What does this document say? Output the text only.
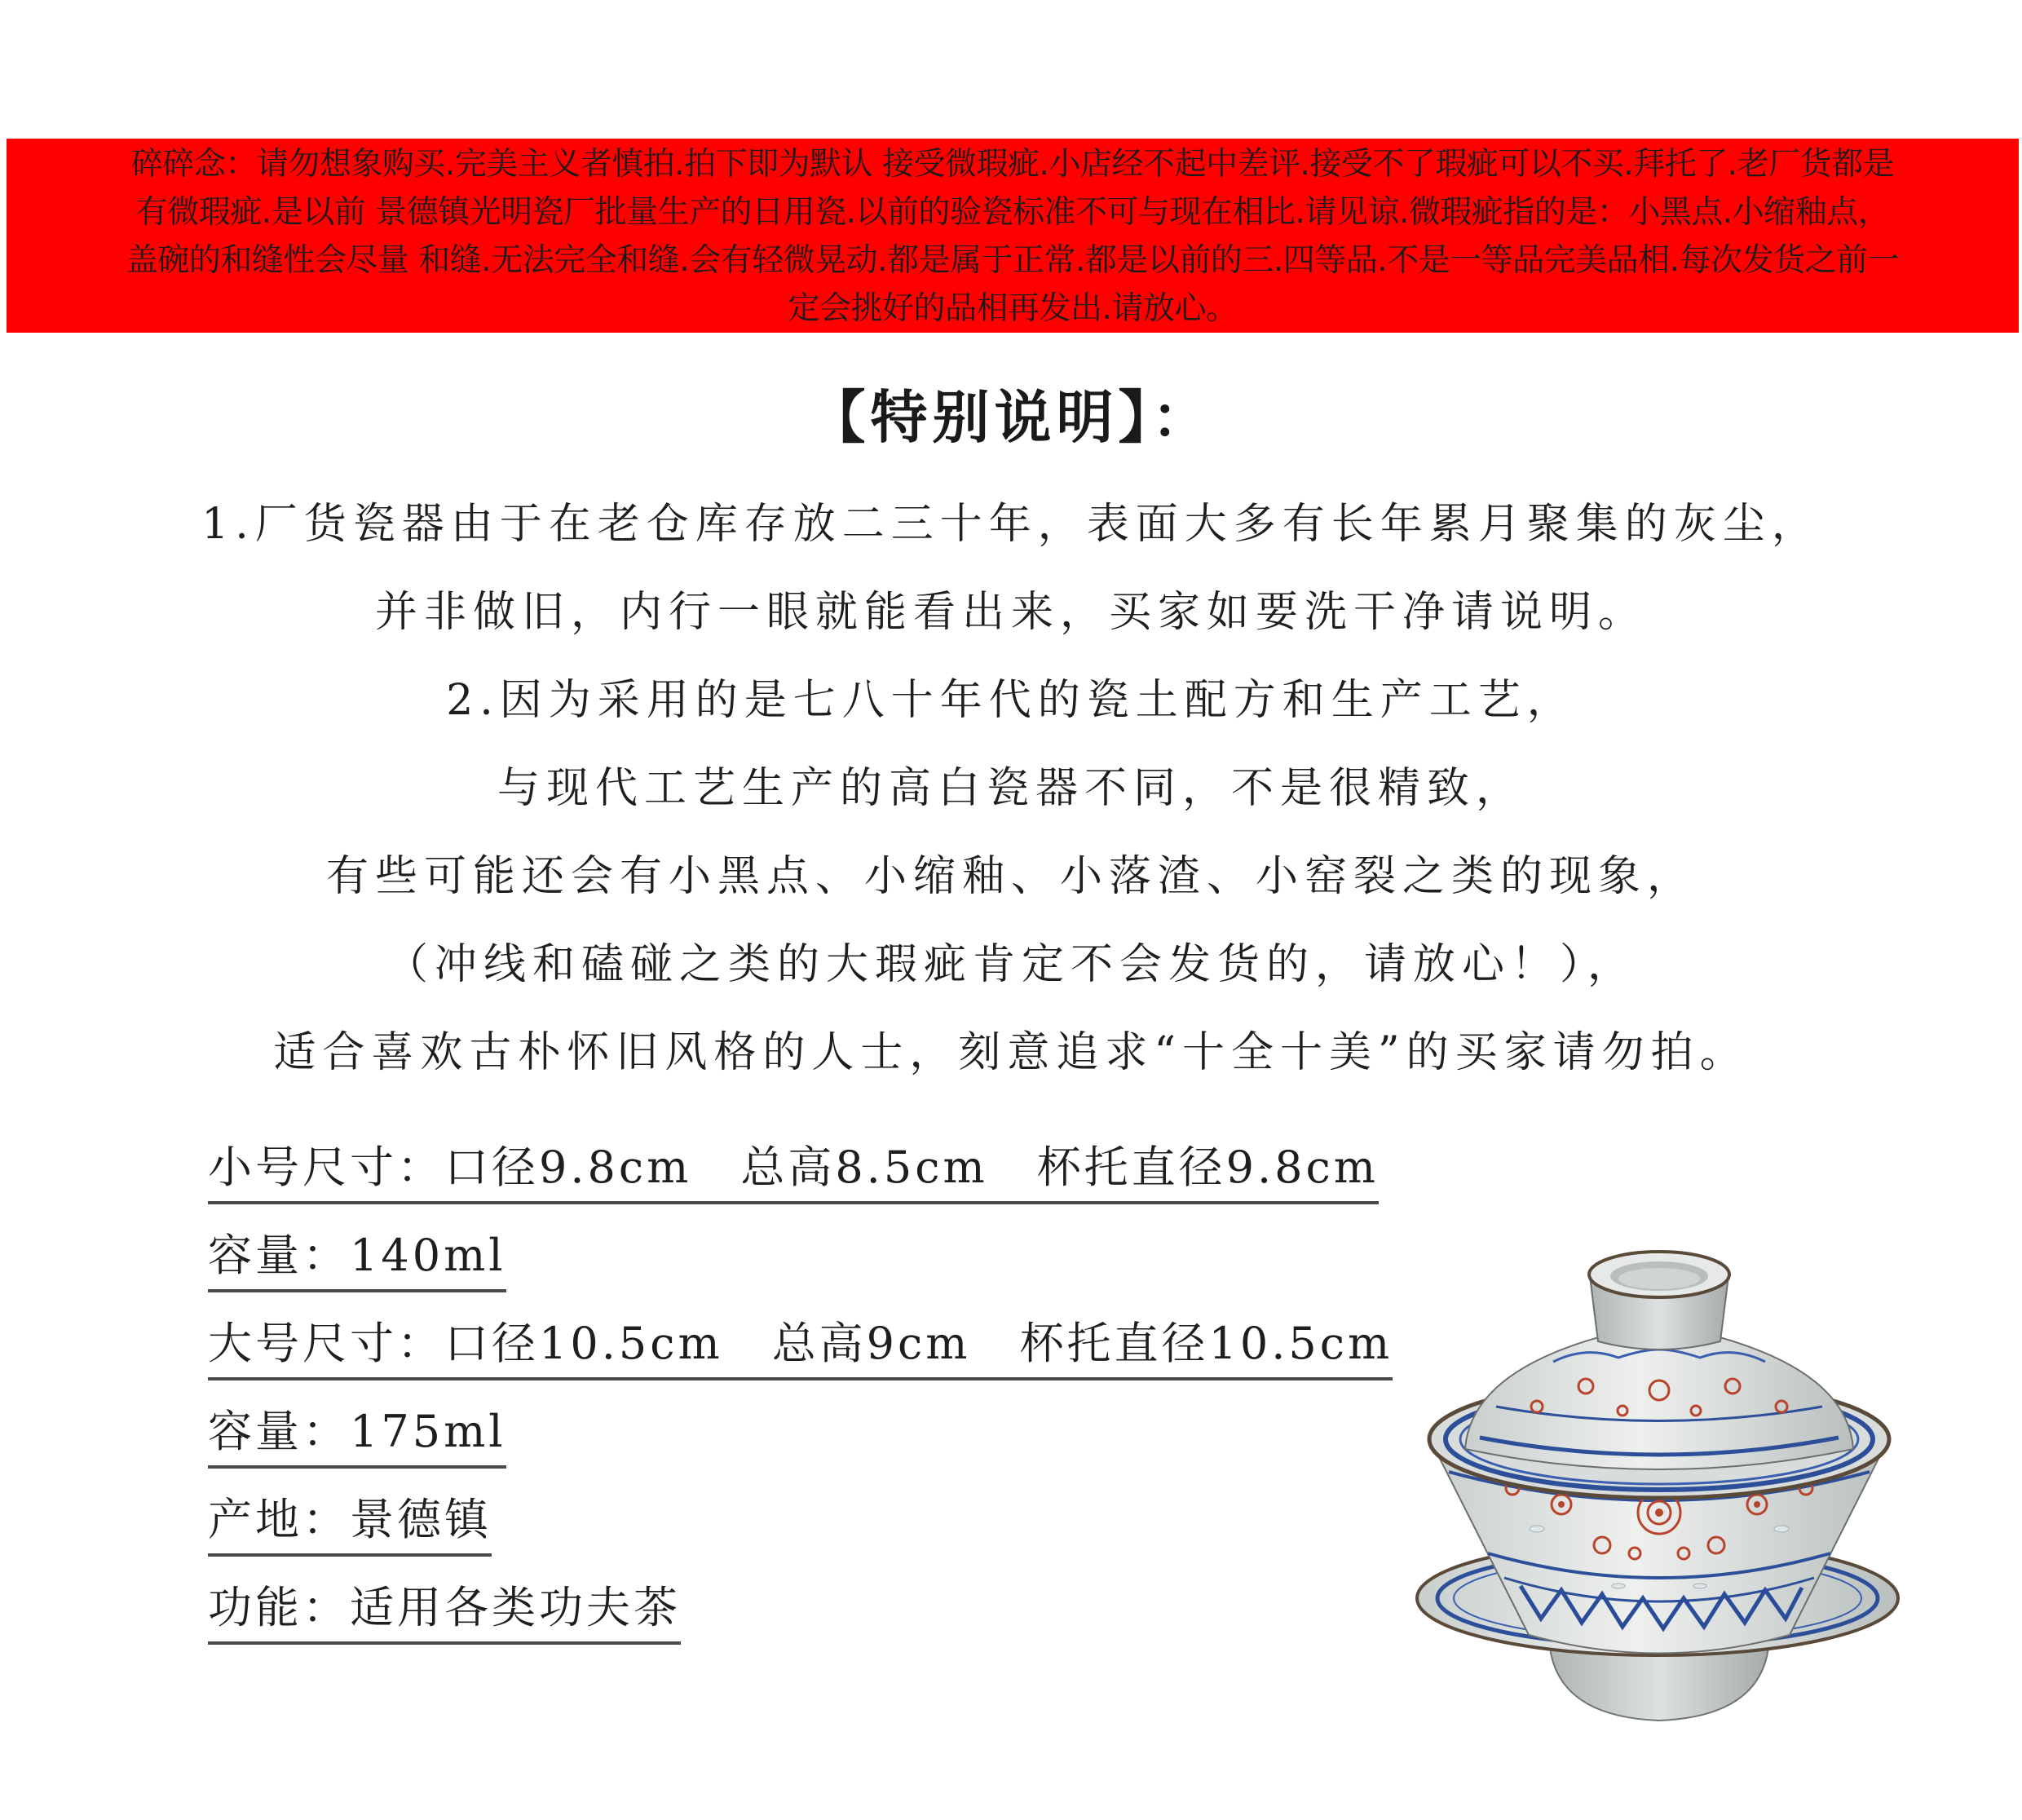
碎碎念：请勿想象购买.完美主义者慎拍.拍下即为默认 接受微瑕疵.小店经不起中差评.接受不了瑕疵可以不买.拜托了.老厂货都是
有微瑕疵.是以前 景德镇光明瓷厂批量生产的日用瓷.以前的验瓷标准不可与现在相比.请见谅.微瑕疵指的是：小黑点.小缩釉点，
盖碗的和缝性会尽量 和缝.无法完全和缝.会有轻微晃动.都是属于正常.都是以前的三.四等品.不是一等品完美品相.每次发货之前一
定会挑好的品相再发出.请放心。
【特别说明】：
1.厂货瓷器由于在老仓库存放二三十年，表面大多有长年累月聚集的灰尘，
并非做旧，内行一眼就能看出来，买家如要洗干净请说明。
2.因为采用的是七八十年代的瓷土配方和生产工艺，
与现代工艺生产的高白瓷器不同，不是很精致，
有些可能还会有小黑点、小缩釉、小落渣、小窑裂之类的现象，
（冲线和磕碰之类的大瑕疵肯定不会发货的，请放心！），
适合喜欢古朴怀旧风格的人士，刻意追求“十全十美”的买家请勿拍。
小号尺寸：口径9.8cm 总高8.5cm 杯托直径9.8cm
容量：140ml
大号尺寸：口径10.5cm 总高9cm 杯托直径10.5cm
容量：175ml
产地：景德镇
功能：适用各类功夫茶
